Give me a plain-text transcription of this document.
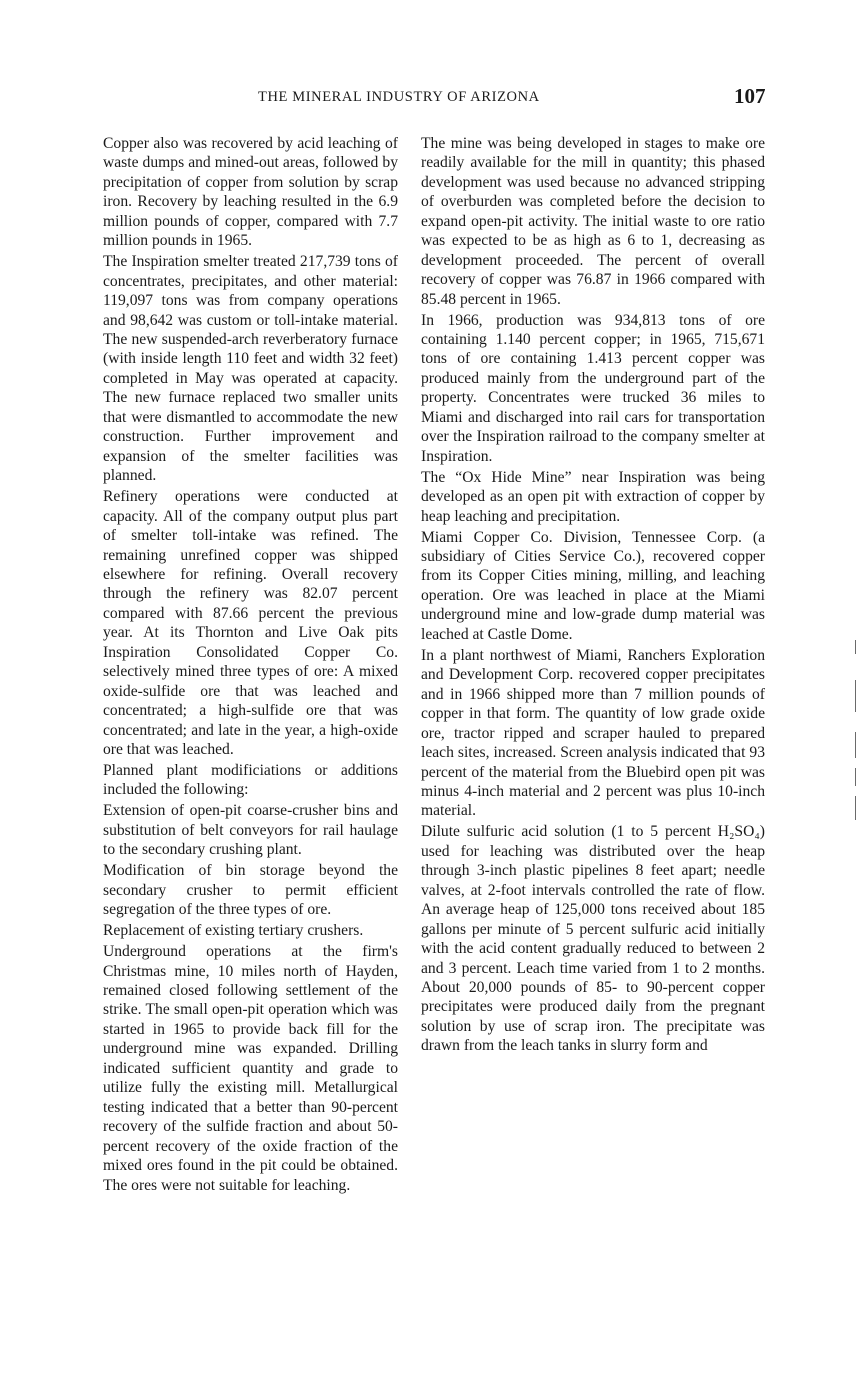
THE MINERAL INDUSTRY OF ARIZONA	107

Copper also was recovered by acid leaching of waste dumps and mined-out areas, followed by precipitation of copper from solution by scrap iron. Recovery by leaching resulted in the 6.9 million pounds of copper, compared with 7.7 million pounds in 1965.

The Inspiration smelter treated 217,739 tons of concentrates, precipitates, and other material: 119,097 tons was from company operations and 98,642 was custom or toll-intake material. The new suspended-arch reverberatory furnace (with inside length 110 feet and width 32 feet) completed in May was operated at capacity. The new furnace replaced two smaller units that were dismantled to accommodate the new construction. Further improvement and expansion of the smelter facilities was planned.

Refinery operations were conducted at capacity. All of the company output plus part of smelter toll-intake was refined. The remaining unrefined copper was shipped elsewhere for refining. Overall recovery through the refinery was 82.07 percent compared with 87.66 percent the previous year. At its Thornton and Live Oak pits Inspiration Consolidated Copper Co. selectively mined three types of ore: A mixed oxide-sulfide ore that was leached and concentrated; a high-sulfide ore that was concentrated; and late in the year, a high-oxide ore that was leached.

Planned plant modificiations or additions included the following:

Extension of open-pit coarse-crusher bins and substitution of belt conveyors for rail haulage to the secondary crushing plant.

Modification of bin storage beyond the secondary crusher to permit efficient segregation of the three types of ore.

Replacement of existing tertiary crushers.

Underground operations at the firm's Christmas mine, 10 miles north of Hayden, remained closed following settlement of the strike. The small open-pit operation which was started in 1965 to provide back fill for the underground mine was expanded. Drilling indicated sufficient quantity and grade to utilize fully the existing mill. Metallurgical testing indicated that a better than 90-percent recovery of the sulfide fraction and about 50-percent recovery of the oxide fraction of the mixed ores found in the pit could be obtained. The ores were not suitable for leaching.

The mine was being developed in stages to make ore readily available for the mill in quantity; this phased development was used because no advanced stripping of overburden was completed before the decision to expand open-pit activity. The initial waste to ore ratio was expected to be as high as 6 to 1, decreasing as development proceeded. The percent of overall recovery of copper was 76.87 in 1966 compared with 85.48 percent in 1965.

In 1966, production was 934,813 tons of ore containing 1.140 percent copper; in 1965, 715,671 tons of ore containing 1.413 percent copper was produced mainly from the underground part of the property. Concentrates were trucked 36 miles to Miami and discharged into rail cars for transportation over the Inspiration railroad to the company smelter at Inspiration.

The “Ox Hide Mine” near Inspiration was being developed as an open pit with extraction of copper by heap leaching and precipitation.

Miami Copper Co. Division, Tennessee Corp. (a subsidiary of Cities Service Co.), recovered copper from its Copper Cities mining, milling, and leaching operation. Ore was leached in place at the Miami underground mine and low-grade dump material was leached at Castle Dome.

In a plant northwest of Miami, Ranchers Exploration and Development Corp. recovered copper precipitates and in 1966 shipped more than 7 million pounds of copper in that form. The quantity of low grade oxide ore, tractor ripped and scraper hauled to prepared leach sites, increased. Screen analysis indicated that 93 percent of the material from the Bluebird open pit was minus 4-inch material and 2 percent was plus 10-inch material.

Dilute sulfuric acid solution (1 to 5 percent H₂SO₄) used for leaching was distributed over the heap through 3-inch plastic pipelines 8 feet apart; needle valves, at 2-foot intervals controlled the rate of flow. An average heap of 125,000 tons received about 185 gallons per minute of 5 percent sulfuric acid initially with the acid content gradually reduced to between 2 and 3 percent. Leach time varied from 1 to 2 months. About 20,000 pounds of 85- to 90-percent copper precipitates were produced daily from the pregnant solution by use of scrap iron. The precipitate was drawn from the leach tanks in slurry form and
